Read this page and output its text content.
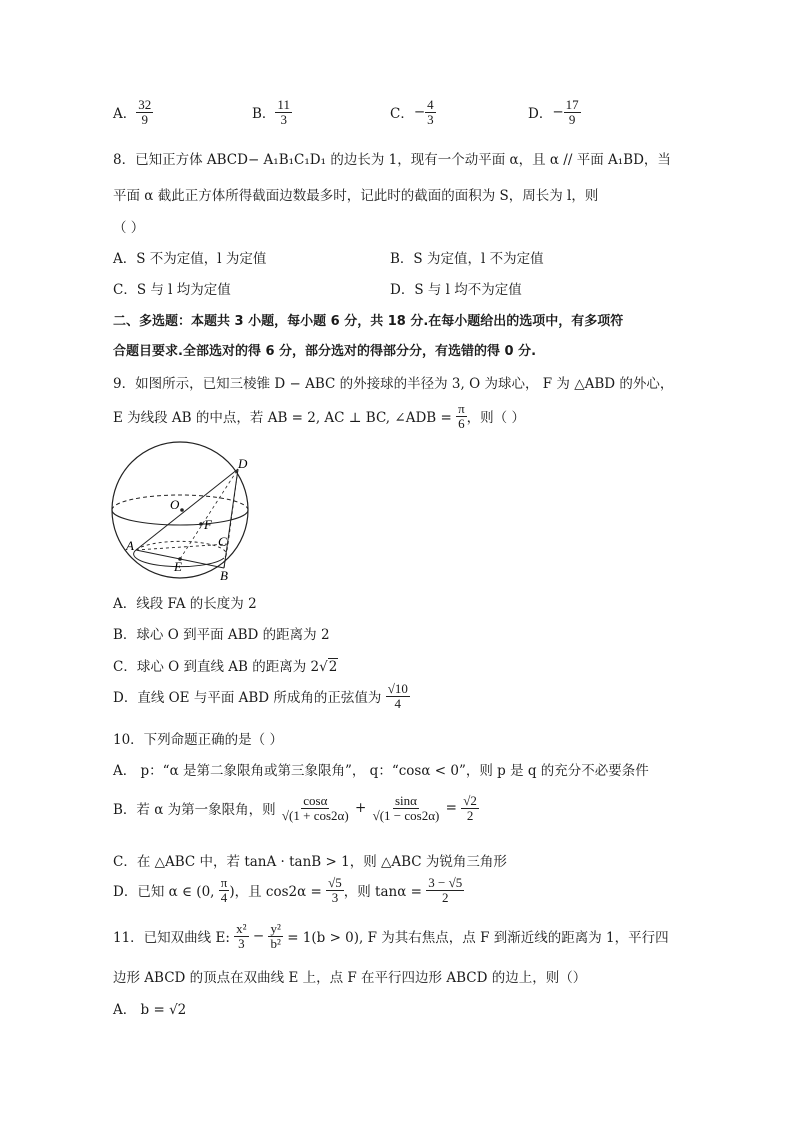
A． $\frac{32}{9}$	B． $\frac{11}{3}$	C．− $\frac{4}{3}$	D．− $\frac{17}{9}$
8．已知正方体 ABCD− A₁B₁C₁D₁ 的边长为 1，现有一个动平面 α，且 α // 平面 A₁BD，当
平面 α 截此正方体所得截面边数最多时，记此时的截面的面积为 S，周长为 l，则
（ ）
A．S 不为定值，l 为定值	B．S 为定值，l 不为定值
C．S 与 l 均为定值	D．S 与 l 均不为定值
二、多选题：本题共 3 小题，每小题 6 分，共 18 分.在每小题给出的选项中，有多项符
合题目要求.全部选对的得 6 分，部分选对的得部分分，有选错的得 0 分.
9．如图所示，已知三棱锥 D − ABC 的外接球的半径为 3, O 为球心， F 为 △ABD 的外心，
E 为线段 AB 的中点，若 AB = 2, AC ⊥ BC, ∠ADB = $\frac{\pi}{6}$ ，则（ ）
D
O
F
C
A
E
B
A．线段 FA 的长度为 2
B．球心 O 到平面 ABD 的距离为 2
C．球心 O 到直线 AB 的距离为 2√2
D．直线 OE 与平面 ABD 所成角的正弦值为 $\frac{√10}{4}$
10．下列命题正确的是（ ）
A． p：“α 是第二象限角或第三象限角”， q：“cosα < 0”，则 p 是 q 的充分不必要条件
B．若 α 为第一象限角，则 $\frac{\cos\alpha}{√(1 + \cos 2\alpha)} + \frac{\sin\alpha}{√(1 - \cos 2\alpha)} = \frac{√2}{2}$
C．在 △ABC 中，若 tanA · tanB > 1，则 △ABC 为锐角三角形
D．已知 α ∈ (0, $\frac{\pi}{4}$ )，且 $\cos 2\alpha = \frac{√5}{3}$ ，则 $\tan\alpha = \frac{3 - √5}{2}$
11．已知双曲线 E: $\frac{\text{x²}}{3} - \frac{\text{y²}}{\text{b²}} = 1(b > 0)$, F 为其右焦点，点 F 到渐近线的距离为 1，平行四
边形 ABCD 的顶点在双曲线 E 上，点 F 在平行四边形 ABCD 的边上，则（）
A． b = √2
